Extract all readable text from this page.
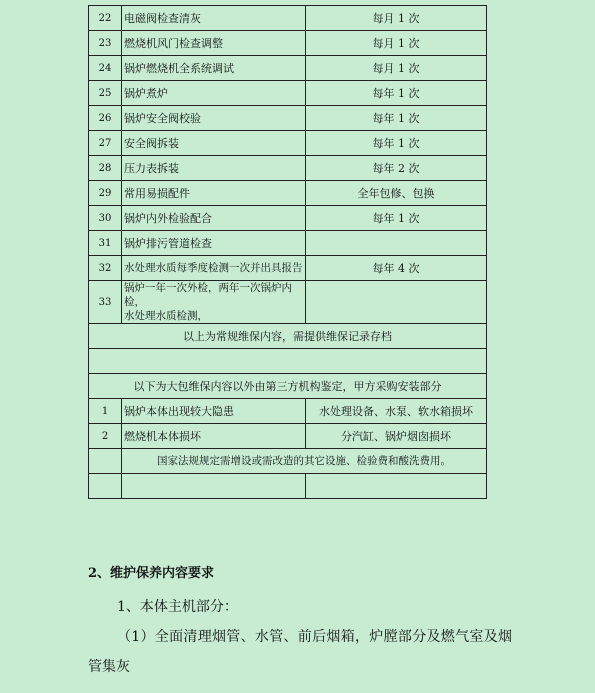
22	电磁阀检查清灰	每月 1 次
23	燃烧机风门检查调整	每月 1 次
24	锅炉燃烧机全系统调试	每月 1 次
25	锅炉煮炉	每年 1 次
26	锅炉安全阀校验	每年 1 次
27	安全阀拆装	每年 1 次
28	压力表拆装	每年 2 次
29	常用易损配件	全年包修、包换
30	锅炉内外检验配合	每年 1 次
31	锅炉排污管道检查	
32	水处理水质每季度检测一次并出具报告	每年 4 次
33	锅炉一年一次外检，两年一次锅炉内检，
水处理水质检测，	

以上为常规维保内容，需提供维保记录存档		

以下为大包维保内容以外由第三方机构鉴定，甲方采购安装部分		
1	锅炉本体出现较大隐患	水处理设备、水泵、软水箱损坏
2	燃烧机本体损坏	分汽缸、锅炉烟囱损坏
	国家法规规定需增设或需改造的其它设施、检验费和酸洗费用。	

2、维护保养内容要求
1、本体主机部分：
（1）全面清理烟管、水管、前后烟箱，炉膛部分及燃气室及烟
管集灰
